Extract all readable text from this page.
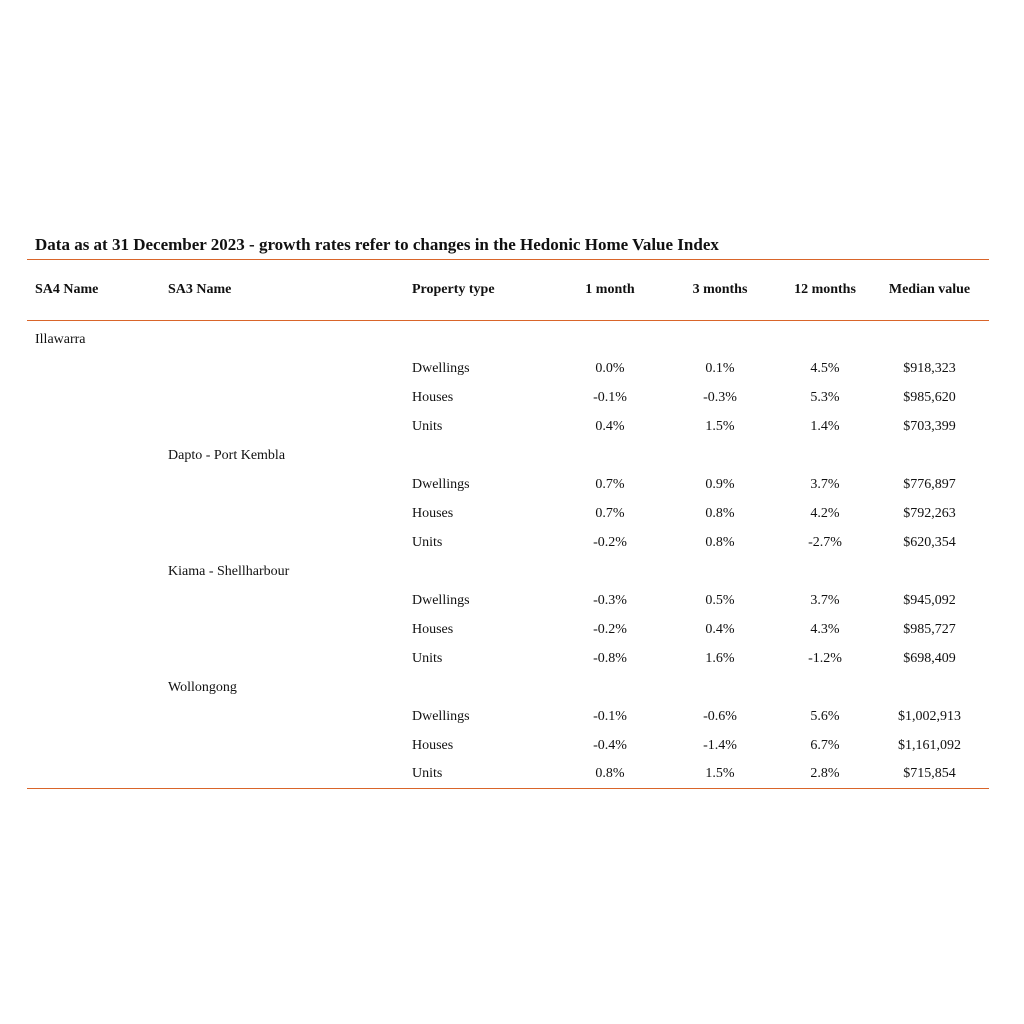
Data as at 31 December 2023 - growth rates refer to changes in the Hedonic Home Value Index
SA4 Name	SA3 Name	Property type	1 month	3 months	12 months	Median value
Illawarra						
		Dwellings	0.0%	0.1%	4.5%	$918,323
		Houses	-0.1%	-0.3%	5.3%	$985,620
		Units	0.4%	1.5%	1.4%	$703,399
	Dapto - Port Kembla					
		Dwellings	0.7%	0.9%	3.7%	$776,897
		Houses	0.7%	0.8%	4.2%	$792,263
		Units	-0.2%	0.8%	-2.7%	$620,354
	Kiama - Shellharbour					
		Dwellings	-0.3%	0.5%	3.7%	$945,092
		Houses	-0.2%	0.4%	4.3%	$985,727
		Units	-0.8%	1.6%	-1.2%	$698,409
	Wollongong					
		Dwellings	-0.1%	-0.6%	5.6%	$1,002,913
		Houses	-0.4%	-1.4%	6.7%	$1,161,092
		Units	0.8%	1.5%	2.8%	$715,854
